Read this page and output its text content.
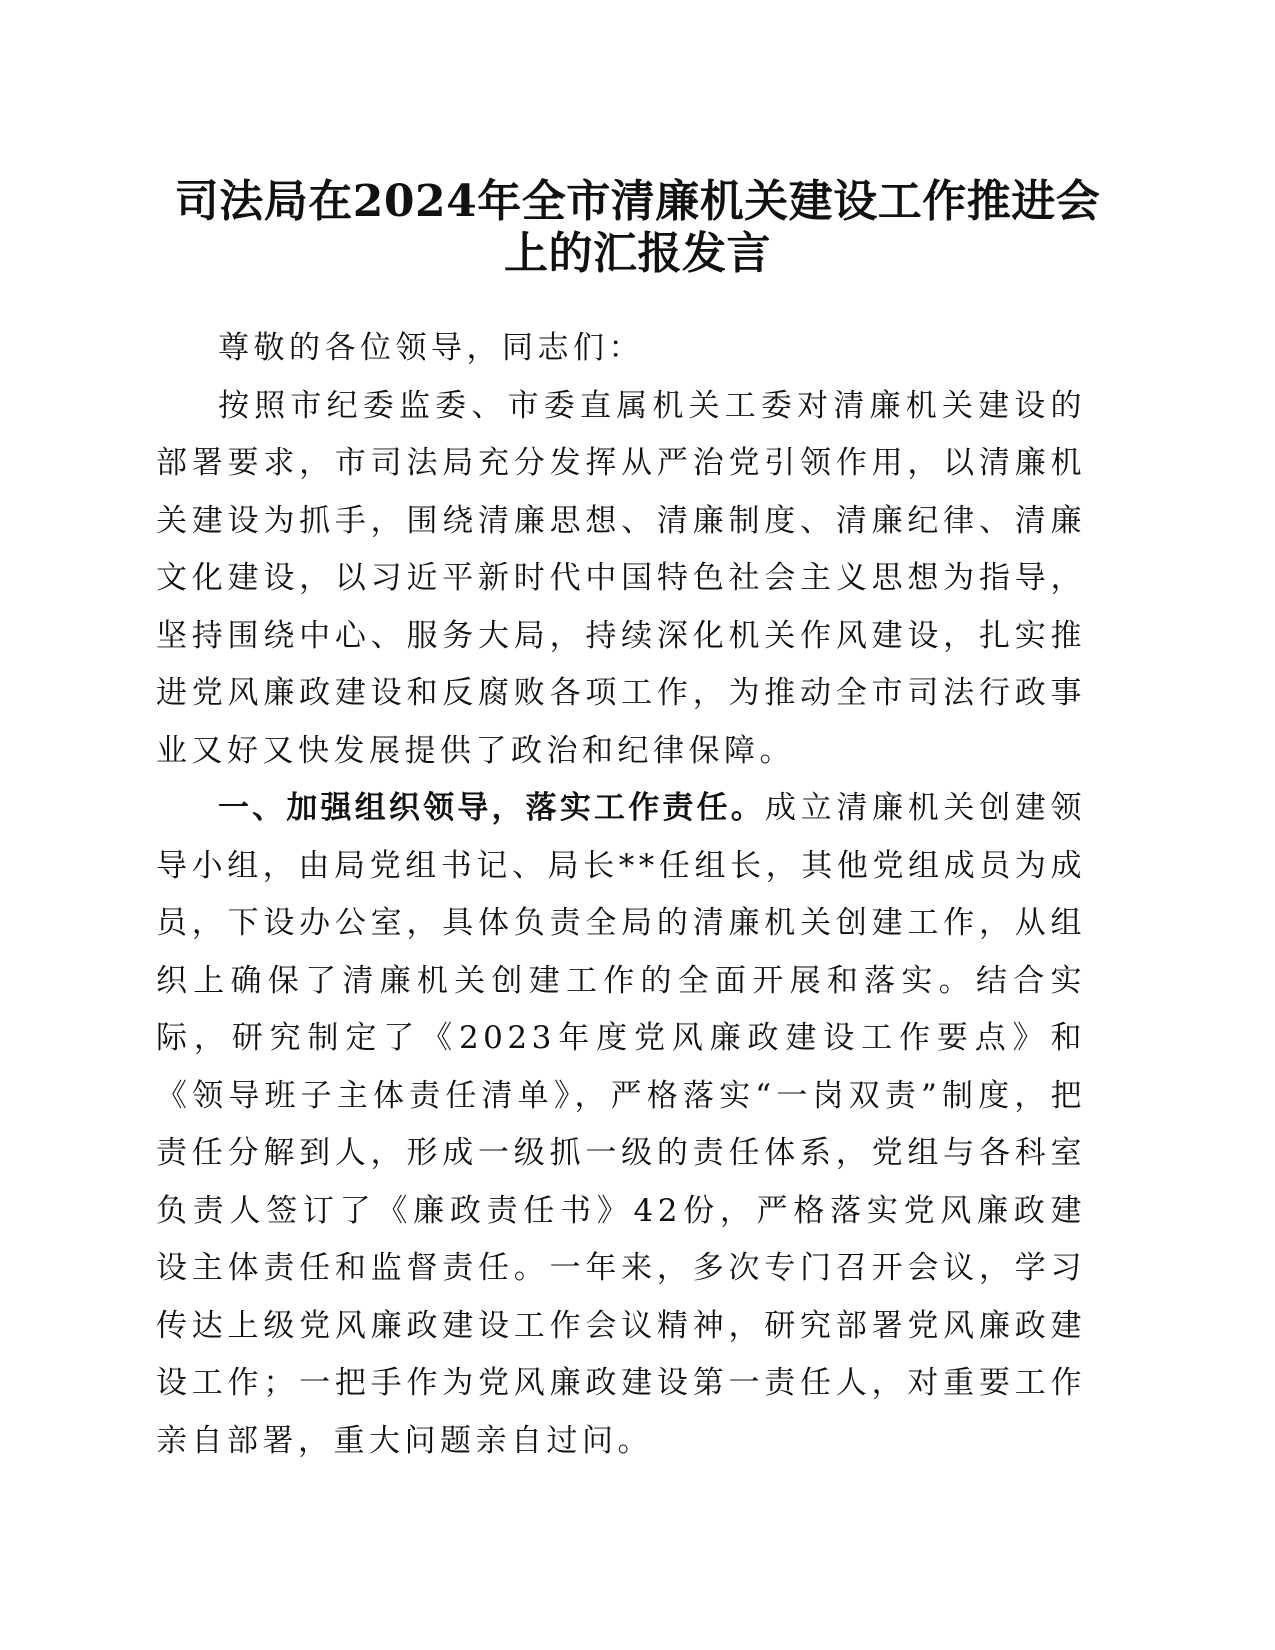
司法局在2024年全市清廉机关建设工作推进会
上的汇报发言

尊敬的各位领导，同志们：

按照市纪委监委、市委直属机关工委对清廉机关建设的部署要求，市司法局充分发挥从严治党引领作用，以清廉机关建设为抓手，围绕清廉思想、清廉制度、清廉纪律、清廉文化建设，以习近平新时代中国特色社会主义思想为指导，坚持围绕中心、服务大局，持续深化机关作风建设，扎实推进党风廉政建设和反腐败各项工作，为推动全市司法行政事业又好又快发展提供了政治和纪律保障。

一、加强组织领导，落实工作责任。成立清廉机关创建领导小组，由局党组书记、局长**任组长，其他党组成员为成员，下设办公室，具体负责全局的清廉机关创建工作，从组织上确保了清廉机关创建工作的全面开展和落实。结合实际，研究制定了《2023年度党风廉政建设工作要点》和《领导班子主体责任清单》，严格落实“一岗双责”制度，把责任分解到人，形成一级抓一级的责任体系，党组与各科室负责人签订了《廉政责任书》42份，严格落实党风廉政建设主体责任和监督责任。一年来，多次专门召开会议，学习传达上级党风廉政建设工作会议精神，研究部署党风廉政建设工作；一把手作为党风廉政建设第一责任人，对重要工作亲自部署，重大问题亲自过问。
